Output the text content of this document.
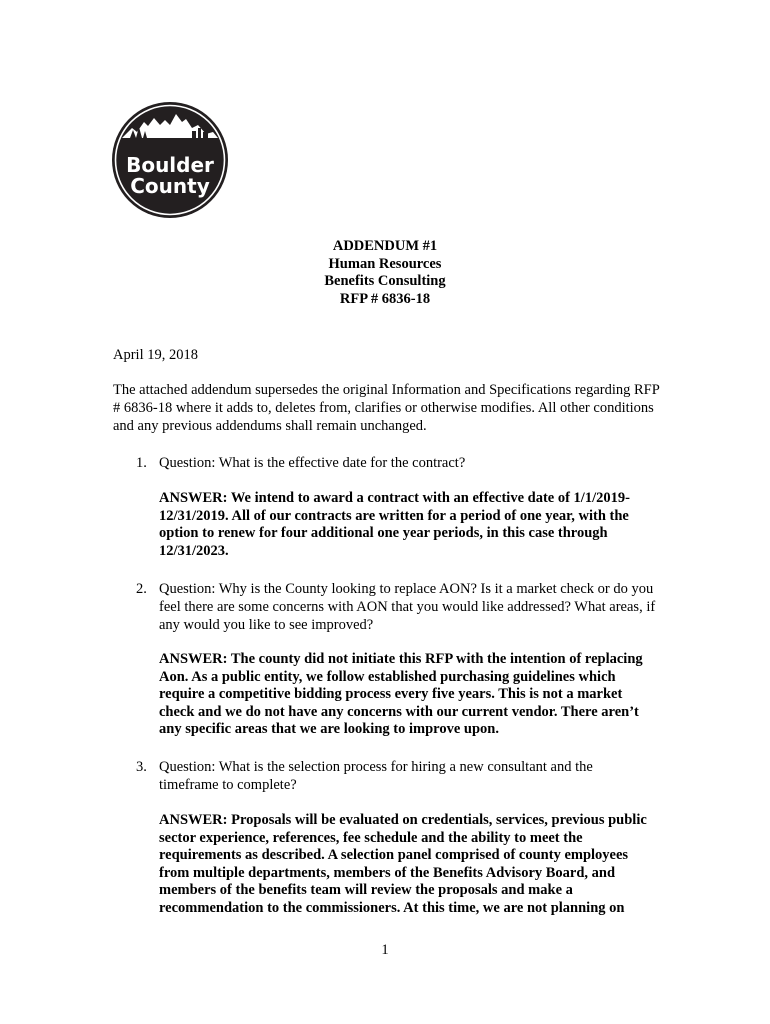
Boulder
County
ADDENDUM #1
Human Resources
Benefits Consulting
RFP # 6836-18
April 19, 2018
The attached addendum supersedes the original Information and Specifications regarding RFP # 6836-18 where it adds to, deletes from, clarifies or otherwise modifies. All other conditions and any previous addendums shall remain unchanged.
1. Question: What is the effective date for the contract?
ANSWER: We intend to award a contract with an effective date of 1/1/2019-12/31/2019. All of our contracts are written for a period of one year, with the option to renew for four additional one year periods, in this case through 12/31/2023.
2. Question: Why is the County looking to replace AON? Is it a market check or do you feel there are some concerns with AON that you would like addressed? What areas, if any would you like to see improved?
ANSWER: The county did not initiate this RFP with the intention of replacing Aon. As a public entity, we follow established purchasing guidelines which require a competitive bidding process every five years. This is not a market check and we do not have any concerns with our current vendor. There aren’t any specific areas that we are looking to improve upon.
3. Question: What is the selection process for hiring a new consultant and the timeframe to complete?
ANSWER: Proposals will be evaluated on credentials, services, previous public sector experience, references, fee schedule and the ability to meet the requirements as described. A selection panel comprised of county employees from multiple departments, members of the Benefits Advisory Board, and members of the benefits team will review the proposals and make a recommendation to the commissioners. At this time, we are not planning on
1
